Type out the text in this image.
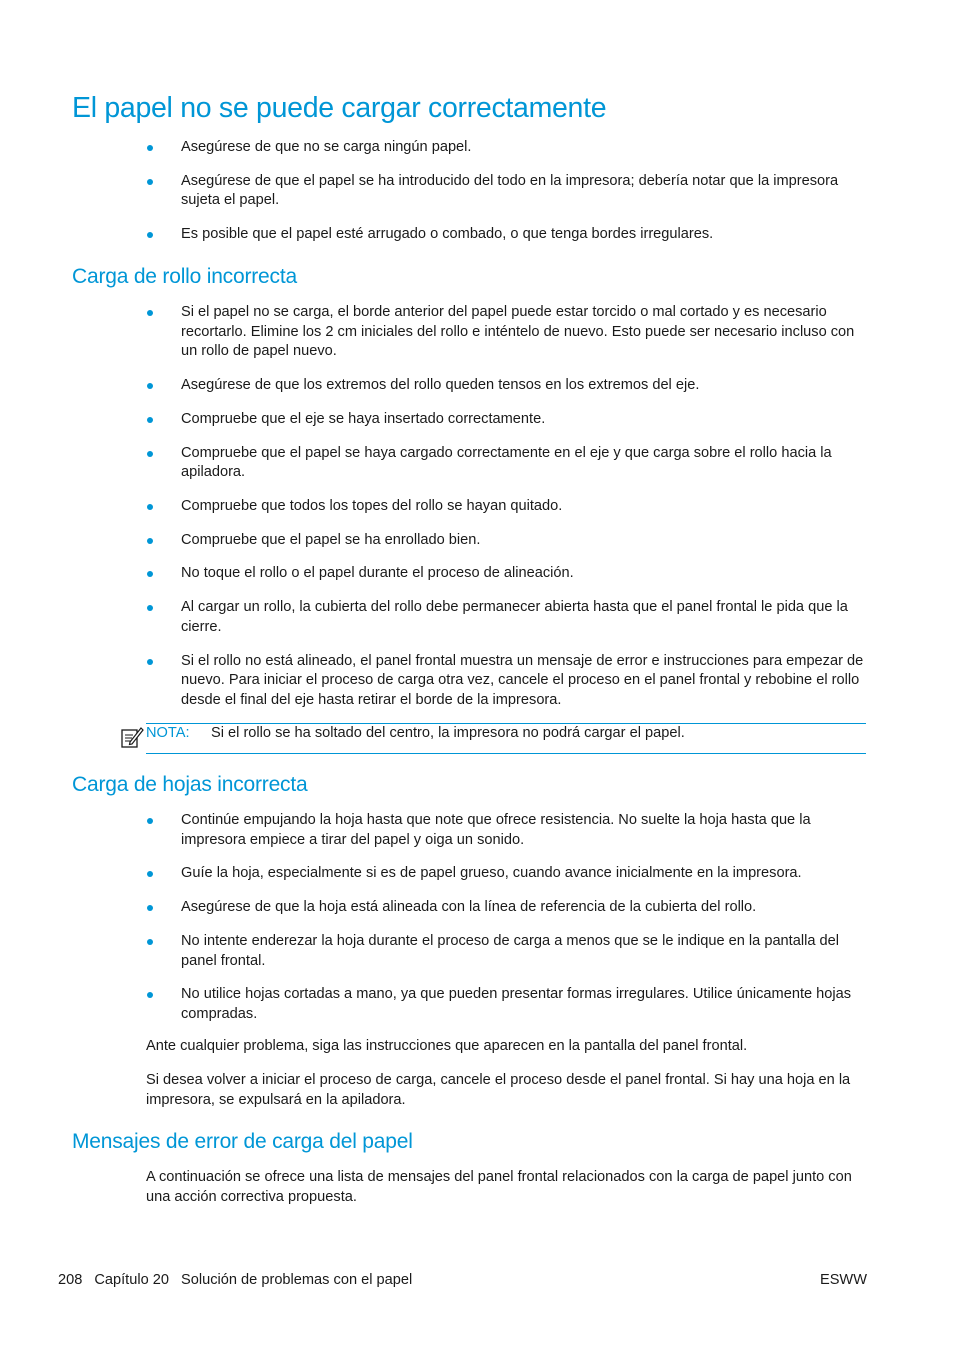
El papel no se puede cargar correctamente
Asegúrese de que no se carga ningún papel.
Asegúrese de que el papel se ha introducido del todo en la impresora; debería notar que la impresora sujeta el papel.
Es posible que el papel esté arrugado o combado, o que tenga bordes irregulares.
Carga de rollo incorrecta
Si el papel no se carga, el borde anterior del papel puede estar torcido o mal cortado y es necesario recortarlo. Elimine los 2 cm iniciales del rollo e inténtelo de nuevo. Esto puede ser necesario incluso con un rollo de papel nuevo.
Asegúrese de que los extremos del rollo queden tensos en los extremos del eje.
Compruebe que el eje se haya insertado correctamente.
Compruebe que el papel se haya cargado correctamente en el eje y que carga sobre el rollo hacia la apiladora.
Compruebe que todos los topes del rollo se hayan quitado.
Compruebe que el papel se ha enrollado bien.
No toque el rollo o el papel durante el proceso de alineación.
Al cargar un rollo, la cubierta del rollo debe permanecer abierta hasta que el panel frontal le pida que la cierre.
Si el rollo no está alineado, el panel frontal muestra un mensaje de error e instrucciones para empezar de nuevo. Para iniciar el proceso de carga otra vez, cancele el proceso en el panel frontal y rebobine el rollo desde el final del eje hasta retirar el borde de la impresora.
NOTA: Si el rollo se ha soltado del centro, la impresora no podrá cargar el papel.
Carga de hojas incorrecta
Continúe empujando la hoja hasta que note que ofrece resistencia. No suelte la hoja hasta que la impresora empiece a tirar del papel y oiga un sonido.
Guíe la hoja, especialmente si es de papel grueso, cuando avance inicialmente en la impresora.
Asegúrese de que la hoja está alineada con la línea de referencia de la cubierta del rollo.
No intente enderezar la hoja durante el proceso de carga a menos que se le indique en la pantalla del panel frontal.
No utilice hojas cortadas a mano, ya que pueden presentar formas irregulares. Utilice únicamente hojas compradas.

Ante cualquier problema, siga las instrucciones que aparecen en la pantalla del panel frontal.

Si desea volver a iniciar el proceso de carga, cancele el proceso desde el panel frontal. Si hay una hoja en la impresora, se expulsará en la apiladora.

Mensajes de error de carga del papel

A continuación se ofrece una lista de mensajes del panel frontal relacionados con la carga de papel junto con una acción correctiva propuesta.

208 Capítulo 20 Solución de problemas con el papel	ESWW
